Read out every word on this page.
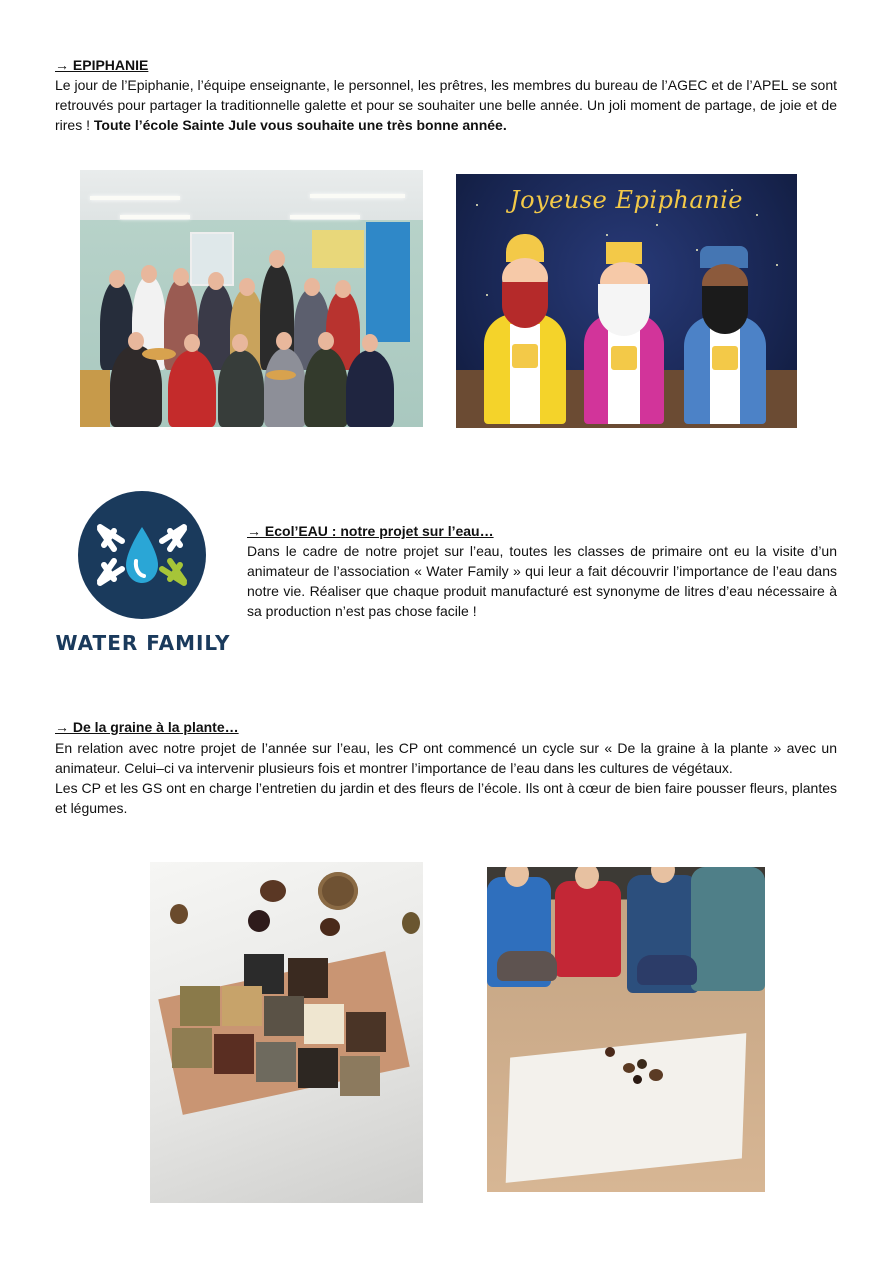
→ EPIPHANIE
Le jour de l’Epiphanie, l’équipe enseignante, le personnel, les prêtres, les membres du bureau de l’AGEC et de l’APEL se sont retrouvés pour partager la traditionnelle galette et pour se souhaiter une belle année. Un joli moment de partage, de joie et de rires ! Toute l’école Sainte Jule vous souhaite une très bonne année.
Joyeuse Epiphanie
WATER FAMILY
→ Ecol’EAU : notre projet sur l’eau…
Dans le cadre de notre projet sur l’eau, toutes les classes de primaire ont eu la visite d’un animateur de l’association « Water Family » qui leur a fait découvrir l’importance de l’eau dans notre vie. Réaliser que chaque produit manufacturé est synonyme de litres d’eau nécessaire à sa production n’est pas chose facile !
→ De la graine à la plante…
En relation avec notre projet de l’année sur l’eau, les CP ont commencé un cycle sur « De la graine à la plante » avec un animateur. Celui–ci va intervenir plusieurs fois et montrer l’importance de l’eau dans les cultures de végétaux.
Les CP et les GS ont en charge l’entretien du jardin et des fleurs de l’école. Ils ont à cœur de bien faire pousser fleurs, plantes et légumes.
